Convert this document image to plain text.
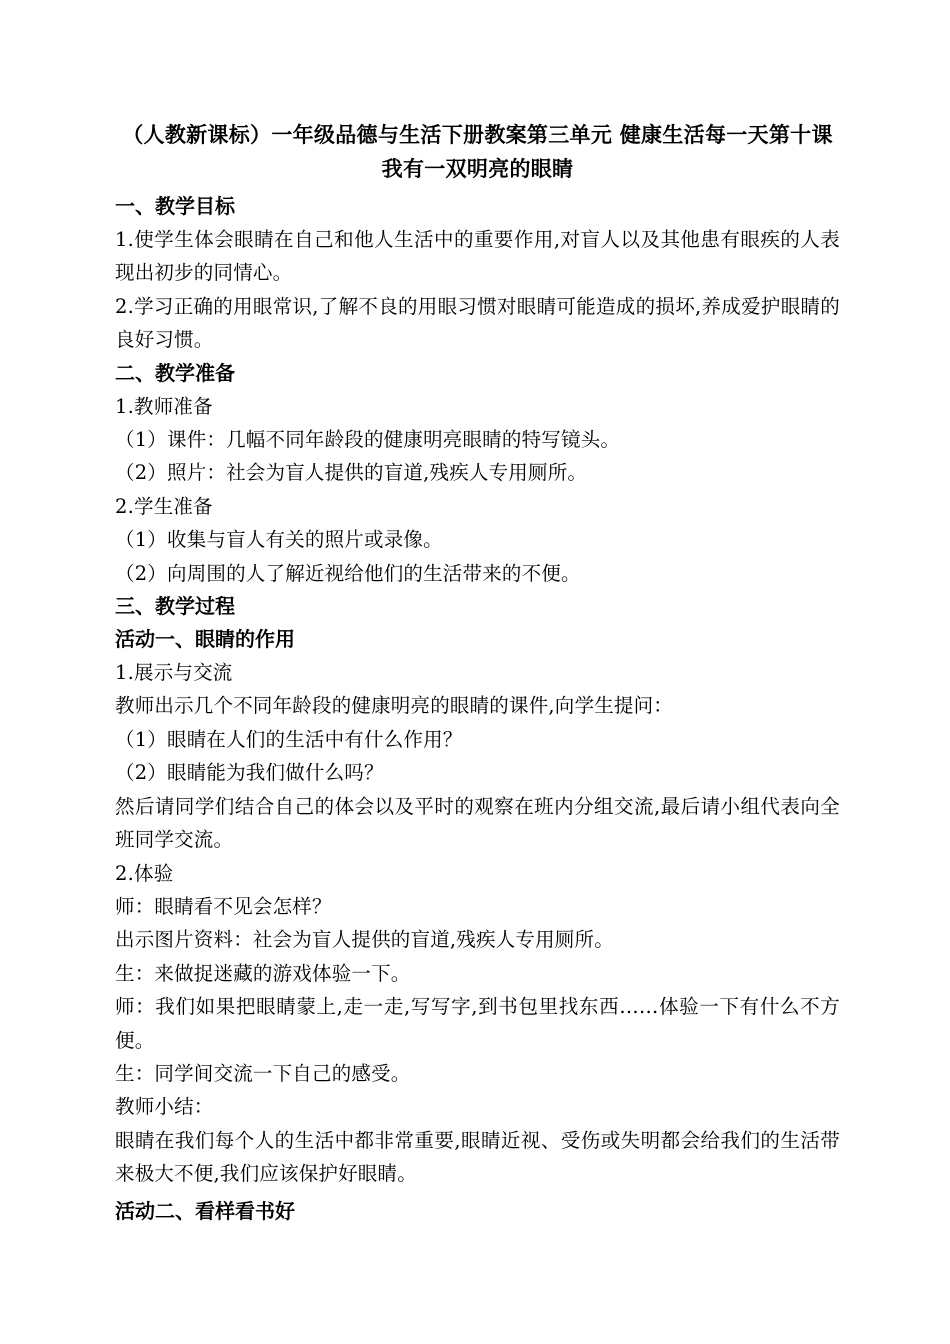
（人教新课标）一年级品德与生活下册教案第三单元 健康生活每一天第十课 我有一双明亮的眼睛
一、教学目标
1.使学生体会眼睛在自己和他人生活中的重要作用,对盲人以及其他患有眼疾的人表现出初步的同情心。
2.学习正确的用眼常识,了解不良的用眼习惯对眼睛可能造成的损坏,养成爱护眼睛的良好习惯。
二、教学准备
1.教师准备
（1）课件：几幅不同年龄段的健康明亮眼睛的特写镜头。
（2）照片：社会为盲人提供的盲道,残疾人专用厕所。
2.学生准备
（1）收集与盲人有关的照片或录像。
（2）向周围的人了解近视给他们的生活带来的不便。
三、教学过程
活动一、眼睛的作用
1.展示与交流
教师出示几个不同年龄段的健康明亮的眼睛的课件,向学生提问：
（1）眼睛在人们的生活中有什么作用？
（2）眼睛能为我们做什么吗？
然后请同学们结合自己的体会以及平时的观察在班内分组交流,最后请小组代表向全班同学交流。
2.体验
师：眼睛看不见会怎样？
出示图片资料：社会为盲人提供的盲道,残疾人专用厕所。
生：来做捉迷藏的游戏体验一下。
师：我们如果把眼睛蒙上,走一走,写写字,到书包里找东西……体验一下有什么不方便。
生：同学间交流一下自己的感受。
教师小结：
眼睛在我们每个人的生活中都非常重要,眼睛近视、受伤或失明都会给我们的生活带来极大不便,我们应该保护好眼睛。
活动二、看样看书好
